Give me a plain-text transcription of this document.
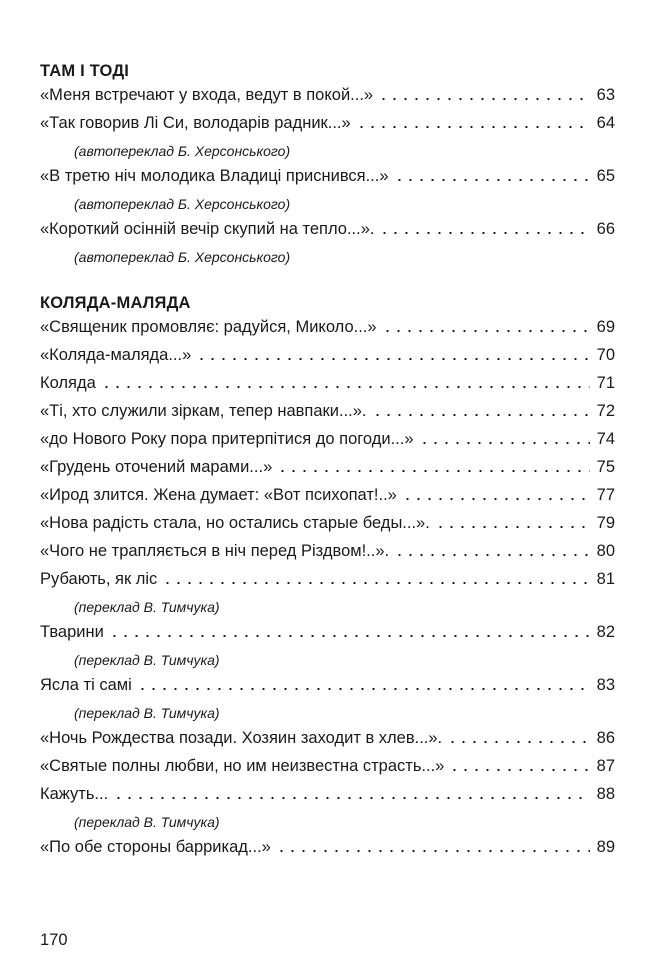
ТАМ І ТОДІ
«Меня встречают у входа, ведут в покой...»	63
«Так говорив Лі Си, володарів радник...»	64
(автопереклад Б. Херсонського)
«В третю ніч молодика Владиці приснився...»	65
(автопереклад Б. Херсонського)
«Короткий осінній вечір скупий на тепло...».	66
(автопереклад Б. Херсонського)
КОЛЯДА-МАЛЯДА
«Священик промовляє: радуйся, Миколо...»	69
«Коляда-маляда...»	70
Коляда	71
«Ті, хто служили зіркам, тепер навпаки...».	72
«до Нового Року пора притерпітися до погоди...»	74
«Грудень оточений марами...»	75
«Ирод злится. Жена думает: «Вот психопат!..»	77
«Нова радість стала, но остались старые беды...».	79
«Чого не трапляється в ніч перед Різдвом!..».	80
Рубають, як ліс	81
(переклад В. Тимчука)
Тварини	82
(переклад В. Тимчука)
Ясла ті самі	83
(переклад В. Тимчука)
«Ночь Рождества позади. Хозяин заходит в хлев...».	86
«Святые полны любви, но им неизвестна страсть...»	87
Кажуть...	88
(переклад В. Тимчука)
«По обе стороны баррикад...»	89
170
